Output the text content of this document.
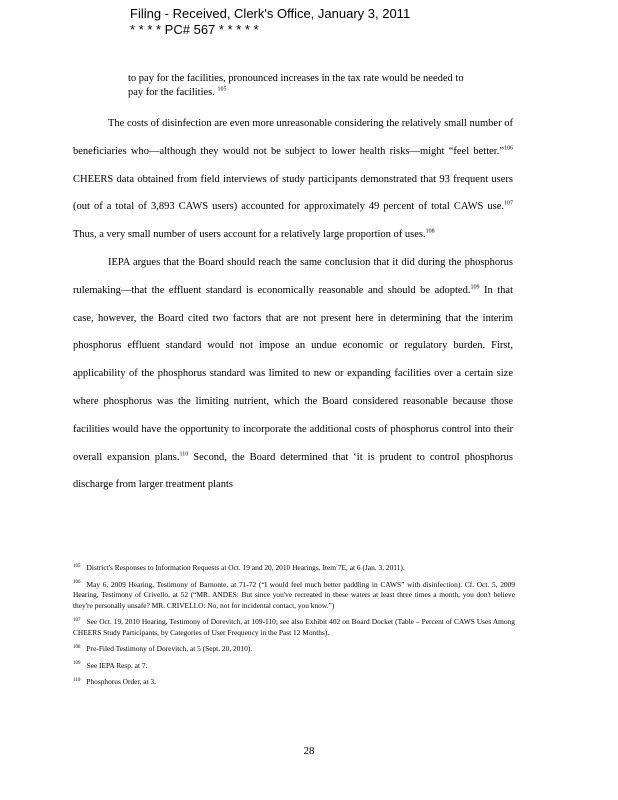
Filing - Received, Clerk's Office, January 3, 2011
* * * * PC# 567 * * * * *
to pay for the facilities, pronounced increases in the tax rate would be needed to pay for the facilities. $^{105}$

The costs of disinfection are even more unreasonable considering the relatively small number of beneficiaries who—although they would not be subject to lower health risks—might “feel better.”$^{106}$ CHEERS data obtained from field interviews of study participants demonstrated that 93 frequent users (out of a total of 3,893 CAWS users) accounted for approximately 49 percent of total CAWS use.$^{107}$ Thus, a very small number of users account for a relatively large proportion of uses.$^{108}$

IEPA argues that the Board should reach the same conclusion that it did during the phosphorus rulemaking—that the effluent standard is economically reasonable and should be adopted.$^{109}$ In that case, however, the Board cited two factors that are not present here in determining that the interim phosphorus effluent standard would not impose an undue economic or regulatory burden. First, applicability of the phosphorus standard was limited to new or expanding facilities over a certain size where phosphorus was the limiting nutrient, which the Board considered reasonable because those facilities would have the opportunity to incorporate the additional costs of phosphorus control into their overall expansion plans.$^{110}$ Second, the Board determined that ‘it is prudent to control phosphorus discharge from larger treatment plants

$^{105}$ District's Responses to Information Requests at Oct. 19 and 20, 2010 Hearings, Item 7E, at 6 (Jan. 3, 2011).

$^{106}$ May 6, 2009 Hearing, Testimony of Barnonte, at 71-72 (“I would feel much better paddling in CAWS” with disinfection). Cf. Oct. 5, 2009 Hearing, Testimony of Crivello, at 52 (“MR. ANDES: But since you've recreated in these waters at least three times a month, you don't believe they're personally unsafe? MR. CRIVELLO: No, not for incidental contact, you know.”)

$^{107}$ See Oct. 19, 2010 Hearing, Testimony of Dorevitch, at 109-110; see also Exhibit 402 on Board Docket (Table – Percent of CAWS Uses Among CHEERS Study Participants, by Categories of User Frequency in the Past 12 Months).

$^{108}$ Pre-Filed Testimony of Dorevitch, at 5 (Sept. 20, 2010).

$^{109}$ See IEPA Resp. at 7.

$^{110}$ Phosphorus Order, at 3.

28
